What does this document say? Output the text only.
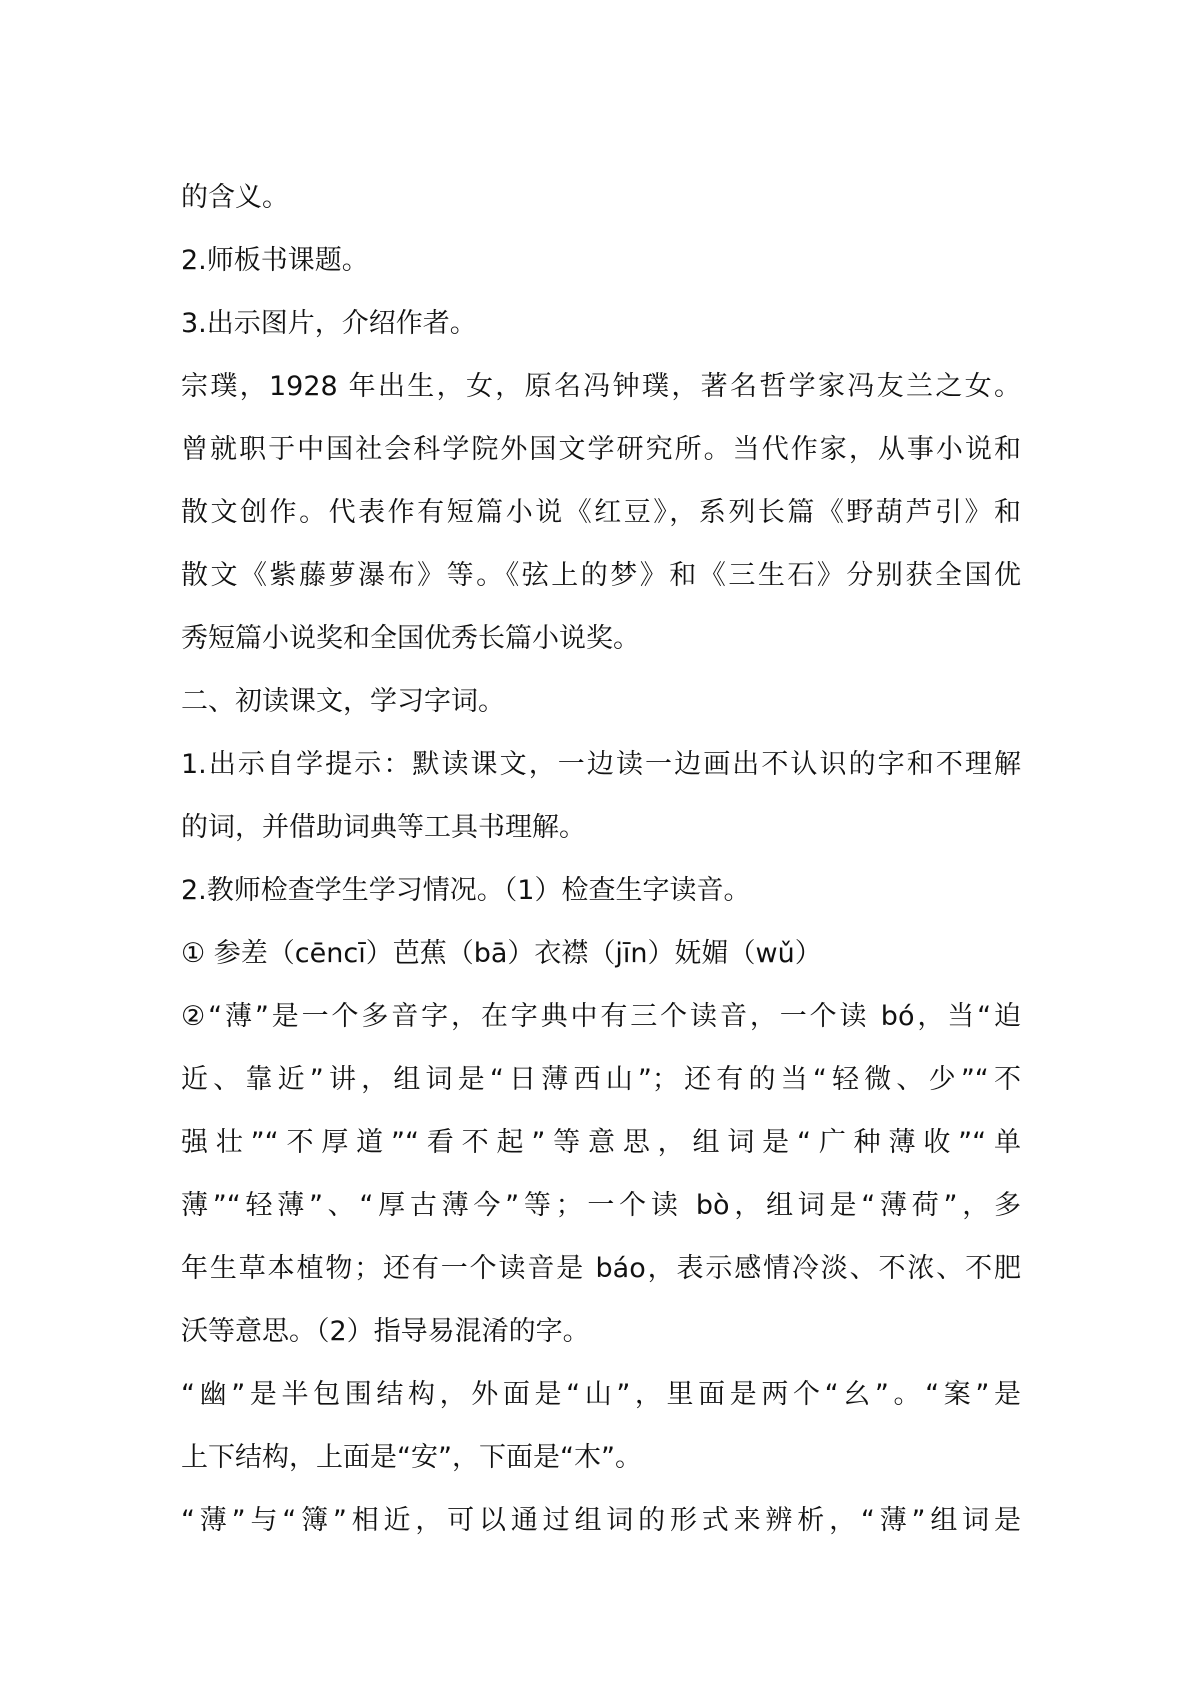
的含义。
2.师板书课题。
3.出示图片，介绍作者。
宗璞，1928 年出生，女，原名冯钟璞，著名哲学家冯友兰之女。
曾就职于中国社会科学院外国文学研究所。当代作家，从事小说和
散文创作。代表作有短篇小说《红豆》，系列长篇《野葫芦引》和
散文《紫藤萝瀑布》等。《弦上的梦》和《三生石》分别获全国优
秀短篇小说奖和全国优秀长篇小说奖。
二、初读课文，学习字词。
1.出示自学提示：默读课文，一边读一边画出不认识的字和不理解
的词，并借助词典等工具书理解。
2.教师检查学生学习情况。（1）检查生字读音。
① 参差（cēncī）芭蕉（bā）衣襟（jīn）妩媚（wǔ）
②“薄”是一个多音字，在字典中有三个读音，一个读 bó，当“迫
近、靠近”讲，组词是“日薄西山”；还有的当“轻微、少”“不
强壮”“不厚道”“看不起”等意思，组词是“广种薄收”“单
薄”“轻薄”、“厚古薄今”等；一个读 bò，组词是“薄荷”，多
年生草本植物；还有一个读音是 báo，表示感情冷淡、不浓、不肥
沃等意思。（2）指导易混淆的字。
“幽”是半包围结构，外面是“山”，里面是两个“幺”。“案”是
上下结构，上面是“安”，下面是“木”。
“薄”与“簿”相近，可以通过组词的形式来辨析，“薄”组词是
